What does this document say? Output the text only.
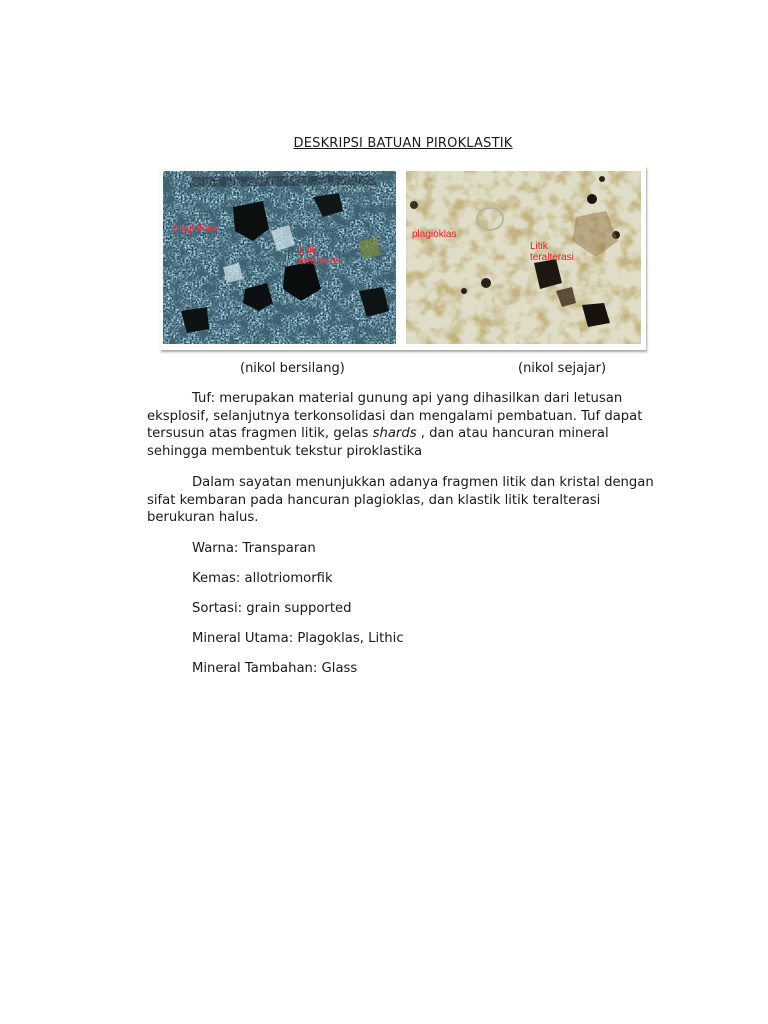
DESKRIPSI BATUAN PIROKLASTIK
plagioklas
Litik
teralterasi
plagioklas
Litik
teralterasi
(nikol bersilang)	(nikol sejajar)
Tuf: merupakan material gunung api yang dihasilkan dari letusan eksplosif, selanjutnya terkonsolidasi dan mengalami pembatuan. Tuf dapat tersusun atas fragmen litik, gelas shards , dan atau hancuran mineral sehingga membentuk tekstur piroklastika
Dalam sayatan menunjukkan adanya fragmen litik dan kristal dengan sifat kembaran pada hancuran plagioklas, dan klastik litik teralterasi berukuran halus.
Warna: Transparan
Kemas: allotriomorfik
Sortasi: grain supported
Mineral Utama: Plagoklas, Lithic
Mineral Tambahan: Glass
